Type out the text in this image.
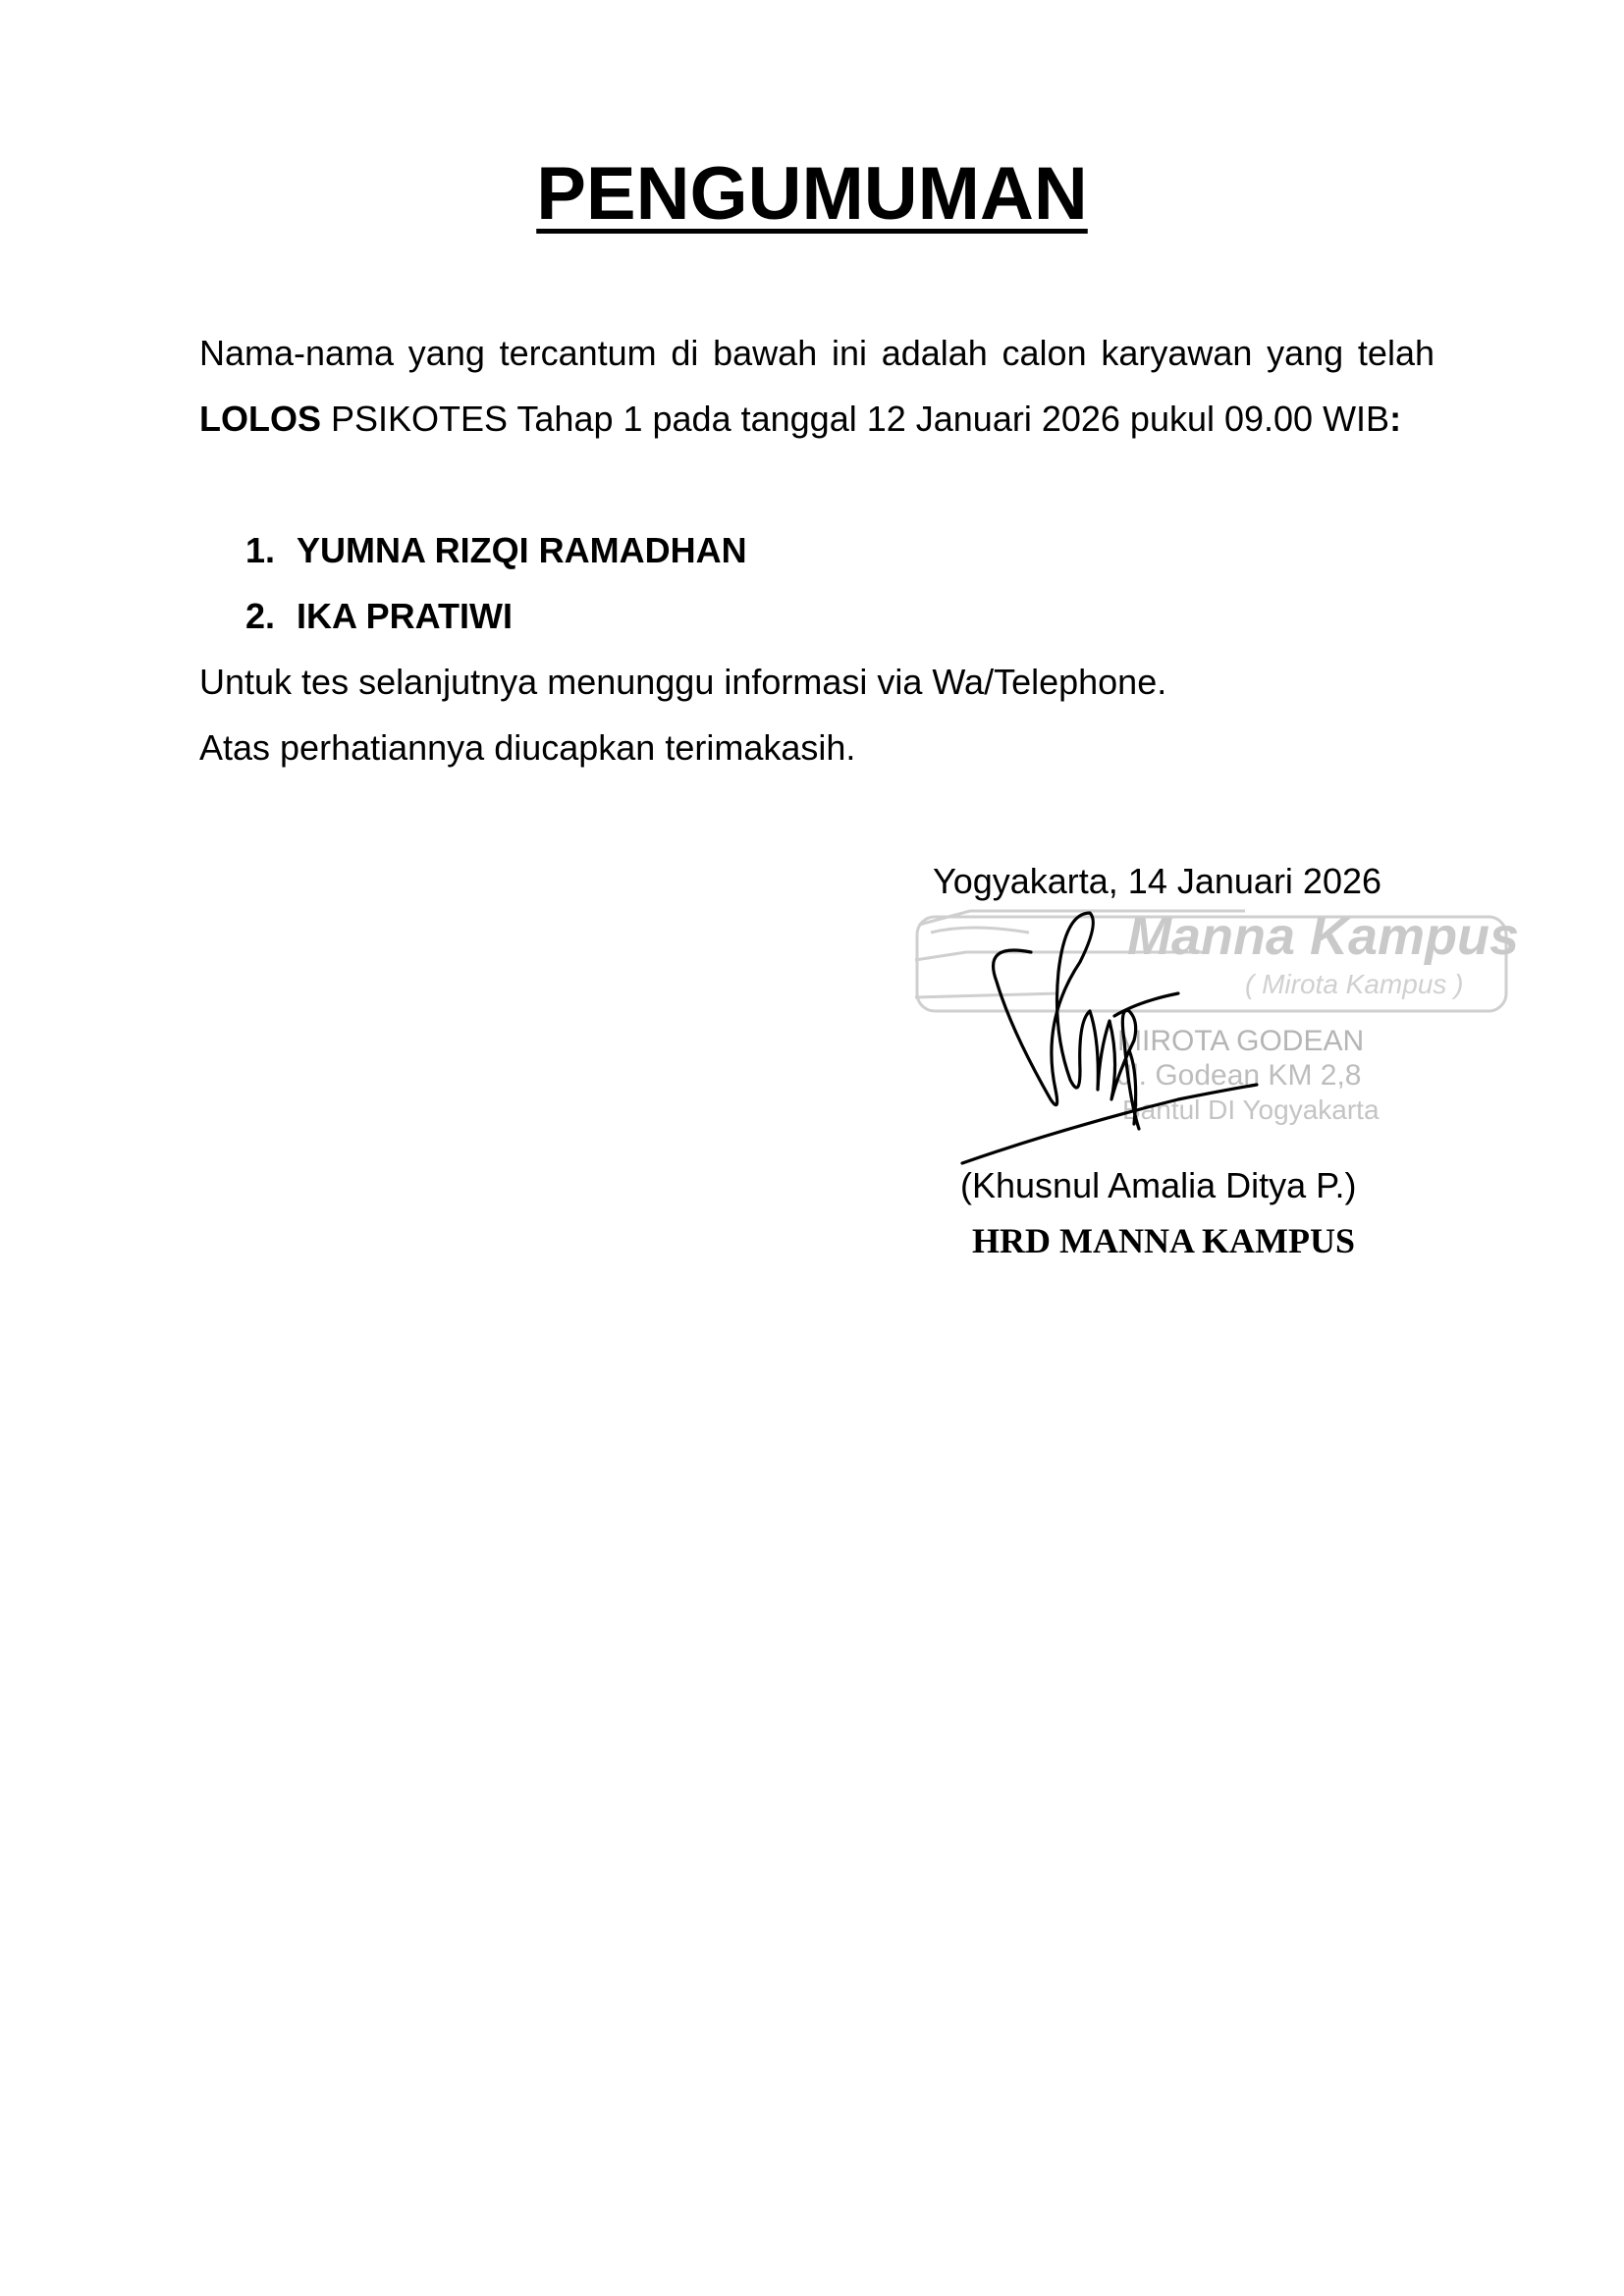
PENGUMUMAN
Nama-nama yang tercantum di bawah ini adalah calon karyawan yang telah LOLOS PSIKOTES Tahap 1 pada tanggal 12 Januari 2026 pukul 09.00 WIB:
1. YUMNA RIZQI RAMADHAN
2. IKA PRATIWI
Untuk tes selanjutnya menunggu informasi via Wa/Telephone.
Atas perhatiannya diucapkan terimakasih.
Yogyakarta, 14 Januari 2026
Manna Kampus
( Mirota Kampus )
MIROTA GODEAN
Jl. Godean KM 2,8
Bantul DI Yogyakarta
(Khusnul Amalia Ditya P.)
HRD MANNA KAMPUS
